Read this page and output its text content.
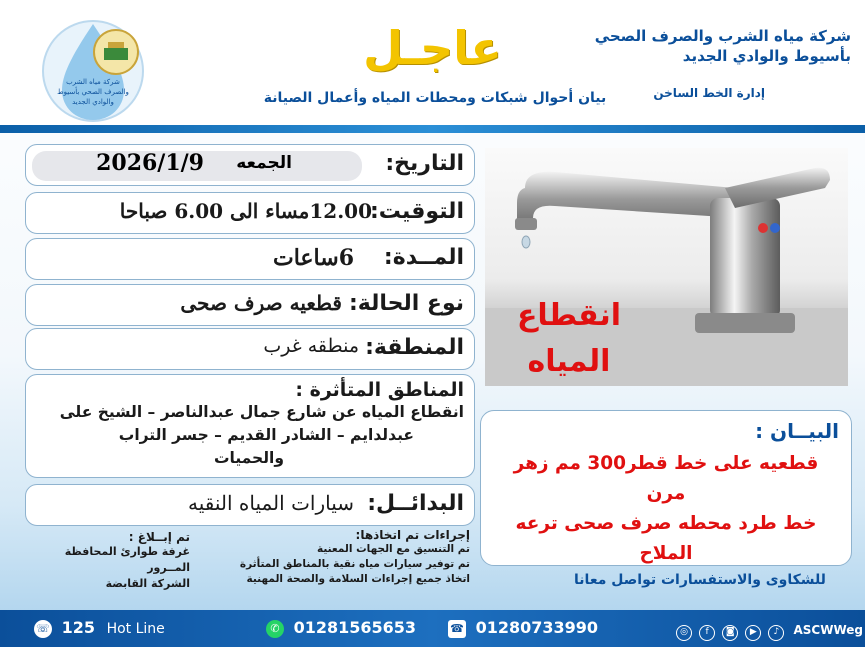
شركة مياه الشرب
والصرف الصحي بأسيوط
والوادي الجديد
عاجـل
بيان أحوال شبكات ومحطات المياه وأعمال الصيانة
شركة مياه الشرب والصرف الصحي
بأسيوط والوادي الجديد
إدارة الخط الساخن
التاريخ:
الجمعه
2026/1/9
التوقيت:
12.00مساء الى 6.00 صباحا
المــدة:
6ساعات
نوع الحالة:
قطعيه صرف صحى
المنطقة:
منطقه غرب
المناطق المتأثرة :
انقطاع المياه عن شارع جمال عبدالناصر – الشيخ على
عبدلدايم – الشادر القديم – جسر التراب
والحميات
البدائــل:
سيارات المياه النقيه
انقطاع
المياه
البيــان :
قطعيه على خط قطر300 مم زهر مرن
خط طرد محطه صرف صحى ترعه
الملاح
إجراءات تم اتخاذها:
تم التنسيق مع الجهات المعنية
تم توفير سيارات مياه نقية بالمناطق المتأثرة
اتخاذ جميع إجراءات السلامة والصحة المهنية
تم إبــلاغ :
غرفة طوارئ المحافظة
المــرور
الشركة القابضة	للشكاوى والاستفسارات تواصل معانا
☏ 125 Hot Line	✆ 01281565653	☎ 01280733990	◎ f ◙ ▶ ♪ ASCWWeg
